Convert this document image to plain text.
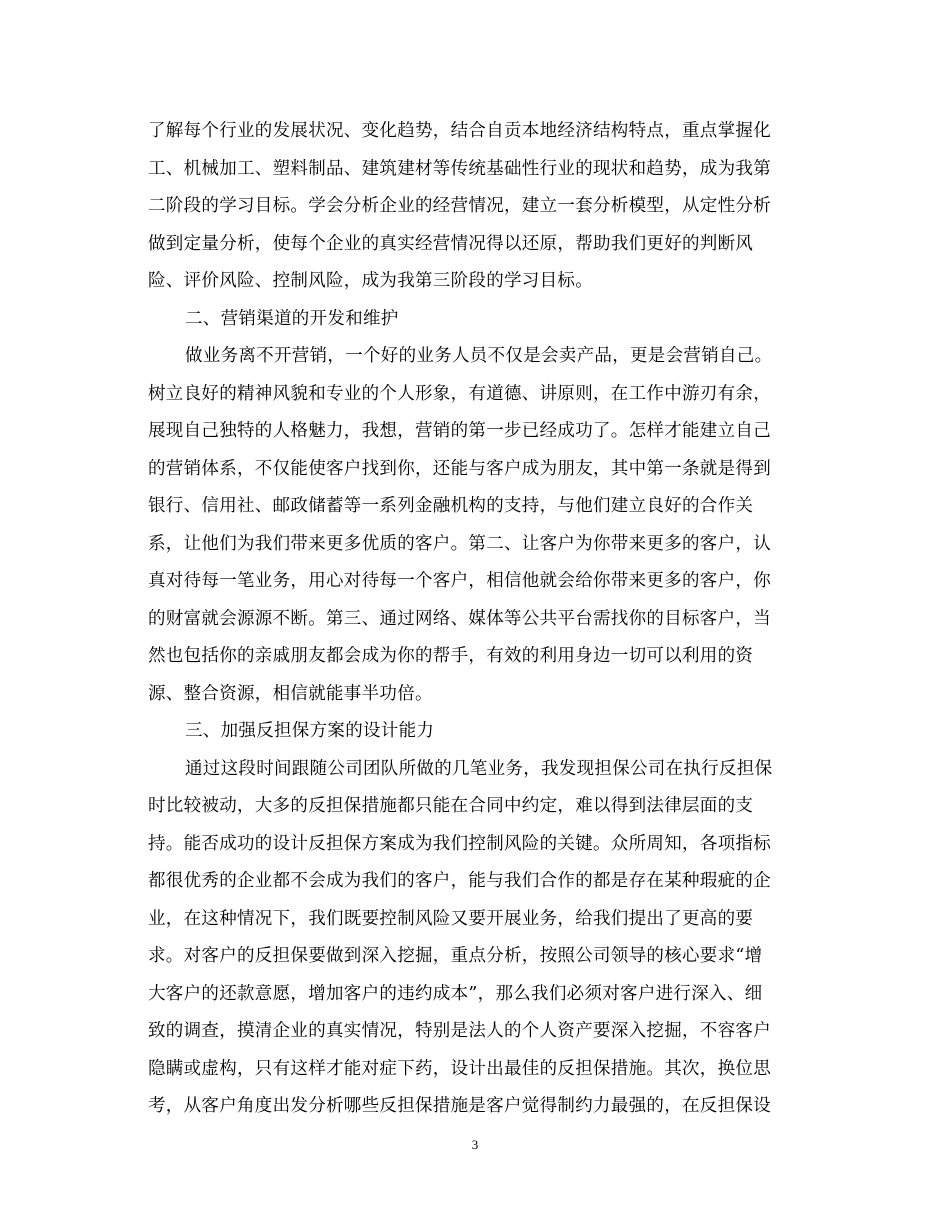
了解每个行业的发展状况、变化趋势，结合自贡本地经济结构特点，重点掌握化
工、机械加工、塑料制品、建筑建材等传统基础性行业的现状和趋势，成为我第
二阶段的学习目标。学会分析企业的经营情况，建立一套分析模型，从定性分析
做到定量分析，使每个企业的真实经营情况得以还原，帮助我们更好的判断风
险、评价风险、控制风险，成为我第三阶段的学习目标。
二、营销渠道的开发和维护
做业务离不开营销，一个好的业务人员不仅是会卖产品，更是会营销自己。
树立良好的精神风貌和专业的个人形象，有道德、讲原则，在工作中游刃有余，
展现自己独特的人格魅力，我想，营销的第一步已经成功了。怎样才能建立自己
的营销体系，不仅能使客户找到你，还能与客户成为朋友，其中第一条就是得到
银行、信用社、邮政储蓄等一系列金融机构的支持，与他们建立良好的合作关
系，让他们为我们带来更多优质的客户。第二、让客户为你带来更多的客户，认
真对待每一笔业务，用心对待每一个客户，相信他就会给你带来更多的客户，你
的财富就会源源不断。第三、通过网络、媒体等公共平台需找你的目标客户，当
然也包括你的亲戚朋友都会成为你的帮手，有效的利用身边一切可以利用的资
源、整合资源，相信就能事半功倍。
三、加强反担保方案的设计能力
通过这段时间跟随公司团队所做的几笔业务，我发现担保公司在执行反担保
时比较被动，大多的反担保措施都只能在合同中约定，难以得到法律层面的支
持。能否成功的设计反担保方案成为我们控制风险的关键。众所周知，各项指标
都很优秀的企业都不会成为我们的客户，能与我们合作的都是存在某种瑕疵的企
业，在这种情况下，我们既要控制风险又要开展业务，给我们提出了更高的要
求。对客户的反担保要做到深入挖掘，重点分析，按照公司领导的核心要求“增
大客户的还款意愿，增加客户的违约成本”，那么我们必须对客户进行深入、细
致的调查，摸清企业的真实情况，特别是法人的个人资产要深入挖掘，不容客户
隐瞒或虚构，只有这样才能对症下药，设计出最佳的反担保措施。其次，换位思
考，从客户角度出发分析哪些反担保措施是客户觉得制约力最强的，在反担保设
3
